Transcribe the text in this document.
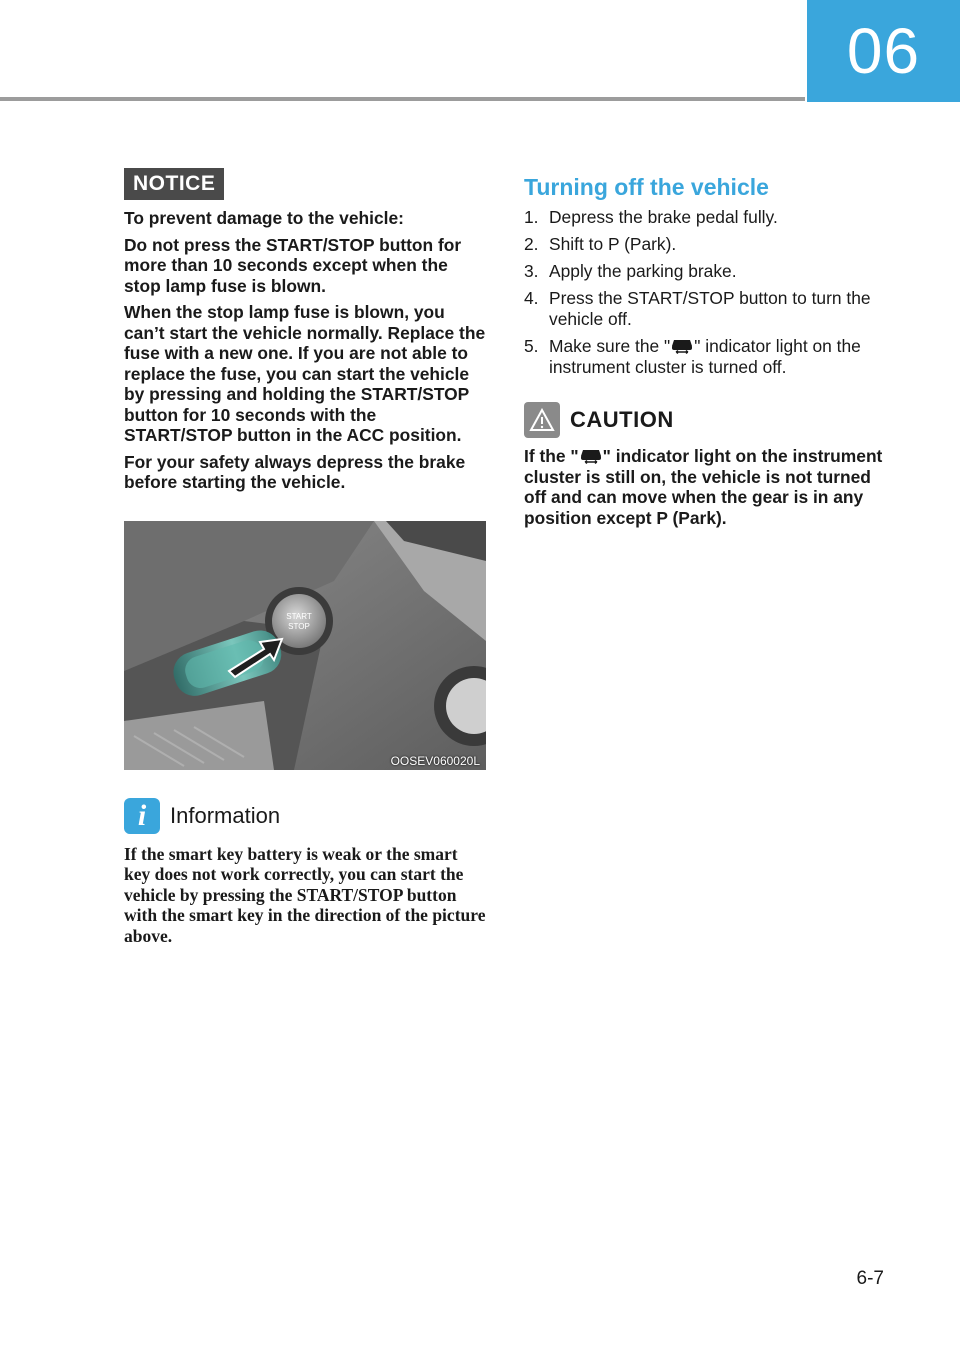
06
NOTICE

To prevent damage to the vehicle:

Do not press the START/STOP button for more than 10 seconds except when the stop lamp fuse is blown.

When the stop lamp fuse is blown, you can’t start the vehicle normally. Replace the fuse with a new one. If you are not able to replace the fuse, you can start the vehicle by pressing and holding the START/STOP button for 10 seconds with the START/STOP button in the ACC position.

For your safety always depress the brake before starting the vehicle.

START
STOP
OOSEV060020L
i	Information
If the smart key battery is weak or the smart key does not work correctly, you can start the vehicle by pressing the START/STOP button with the smart key in the direction of the picture above.
Turning off the vehicle
1. Depress the brake pedal fully.
2. Shift to P (Park).
3. Apply the parking brake.
4. Press the START/STOP button to turn the vehicle off.
5. Make sure the " " indicator light on the instrument cluster is turned off.
CAUTION
If the " " indicator light on the instrument cluster is still on, the vehicle is not turned off and can move when the gear is in any position except P (Park).
6-7
